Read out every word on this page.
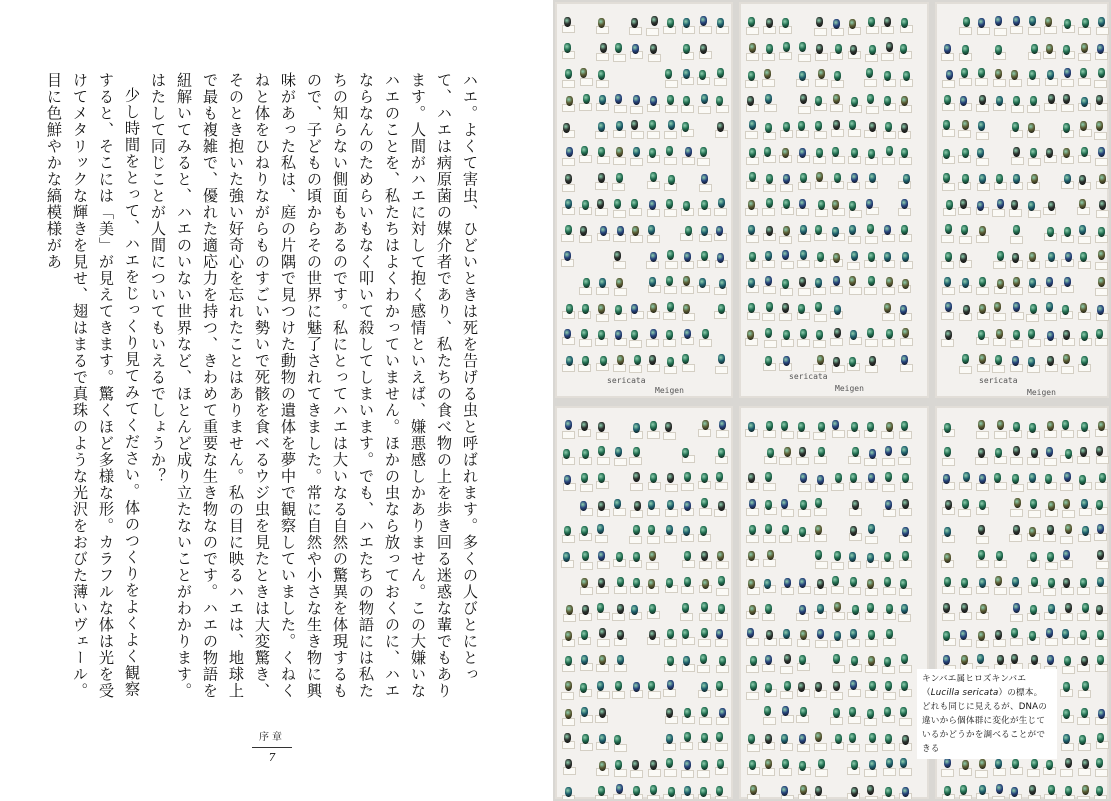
ハエ。よくて害虫、ひどいときは死を告げる虫と呼ばれます。多くの人びとにとって、ハエは病原菌の媒介者であり、私たちの食べ物の上を歩き回る迷惑な輩でもあります。人間がハエに対して抱く感情といえば、嫌悪感しかありません。この大嫌いなハエのことを、私たちはよくわかっていません。ほかの虫なら放っておくのに、ハエならなんのためらいもなく叩いて殺してしまいます。でも、ハエたちの物語には私たちの知らない側面もあるのです。私にとってハエは大いなる自然の驚異を体現するもので、子どもの頃からその世界に魅了されてきました。常に自然や小さな生き物に興味があった私は、庭の片隅で見つけた動物の遺体を夢中で観察していました。くねくねと体をひねりながらものすごい勢いで死骸を食べるウジ虫を見たときは大変驚き、そのとき抱いた強い好奇心を忘れたことはありません。私の目に映るハエは、地球上で最も複雑で、優れた適応力を持つ、きわめて重要な生き物なのです。ハエの物語を紐解いてみると、ハエのいない世界など、ほとんど成り立たないことがわかります。はたして同じことが人間についてもいえるでしょうか？

少し時間をとって、ハエをじっくり見てみてください。体のつくりをよくよく観察すると、そこには「美」が見えてきます。驚くほど多様な形。カラフルな体は光を受けてメタリックな輝きを見せ、翅はまるで真珠のような光沢をおびた薄いヴェール。目に色鮮やかな縞模様があ

序章
7
sericata
Meigen
sericata
Meigen
sericata
Meigen
キンバエ属ヒロズキンバエ
（Lucilla sericata）の標本。
どれも同じに見えるが、DNAの違いから個体群に変化が生じているかどうかを調べることができる
